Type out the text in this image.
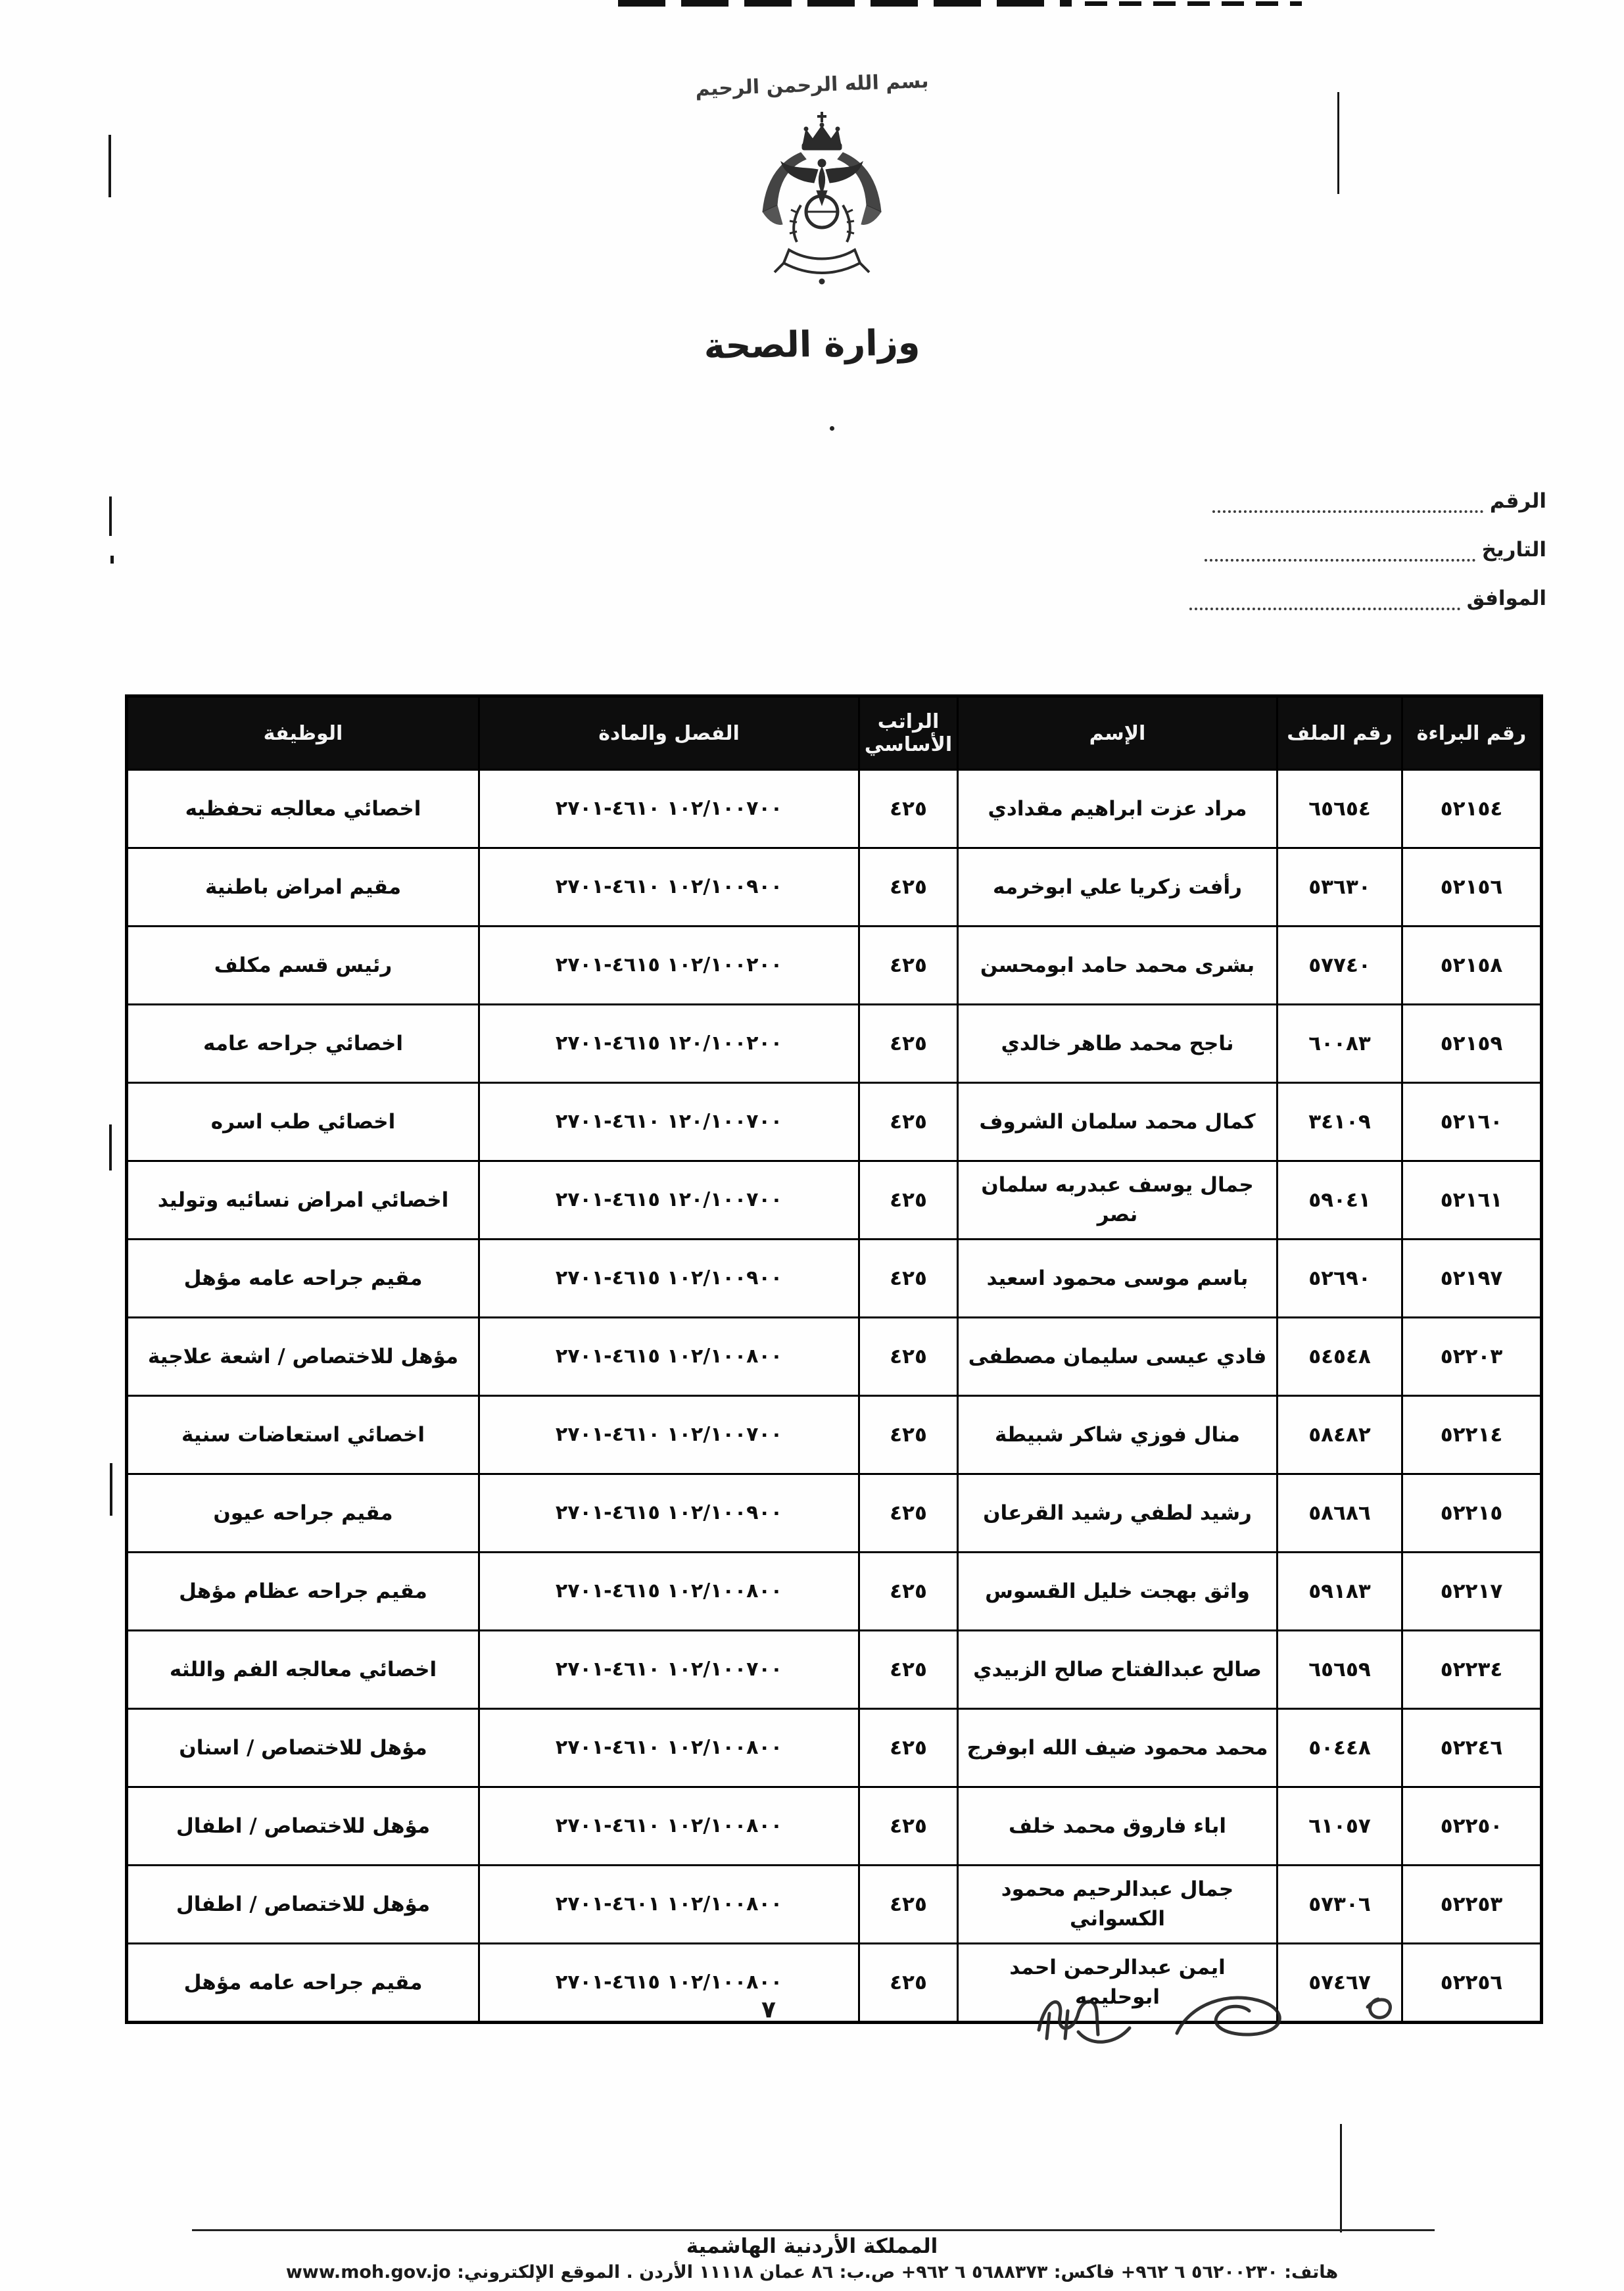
بسم الله الرحمن الرحيم
وزارة الصحة
الرقم
التاريخ
الموافق
رقم البراءة	رقم الملف	الإسم	الراتب الأساسي	الفصل والمادة	الوظيفة
٥٢١٥٤	٦٥٦٥٤	مراد عزت ابراهيم مقدادي	٤٢٥	١٠٢/١٠٠٧٠٠ ٤٦١٠-٢٧٠١	اخصائي معالجه تحفظيه
٥٢١٥٦	٥٣٦٣٠	رأفت زكريا علي ابوخرمه	٤٢٥	١٠٢/١٠٠٩٠٠ ٤٦١٠-٢٧٠١	مقيم امراض باطنية
٥٢١٥٨	٥٧٧٤٠	بشرى محمد حامد ابومحسن	٤٢٥	١٠٢/١٠٠٢٠٠ ٤٦١٥-٢٧٠١	رئيس قسم مكلف
٥٢١٥٩	٦٠٠٨٣	ناجح محمد طاهر خالدي	٤٢٥	١٢٠/١٠٠٢٠٠ ٤٦١٥-٢٧٠١	اخصائي جراحه عامه
٥٢١٦٠	٣٤١٠٩	كمال محمد سلمان الشروف	٤٢٥	١٢٠/١٠٠٧٠٠ ٤٦١٠-٢٧٠١	اخصائي طب اسره
٥٢١٦١	٥٩٠٤١	جمال يوسف عبدربه سلمان نصر	٤٢٥	١٢٠/١٠٠٧٠٠ ٤٦١٥-٢٧٠١	اخصائي امراض نسائيه وتوليد
٥٢١٩٧	٥٢٦٩٠	باسم موسى محمود اسعيد	٤٢٥	١٠٢/١٠٠٩٠٠ ٤٦١٥-٢٧٠١	مقيم جراحه عامه مؤهل
٥٢٢٠٣	٥٤٥٤٨	فادي عيسى سليمان مصطفى	٤٢٥	١٠٢/١٠٠٨٠٠ ٤٦١٥-٢٧٠١	مؤهل للاختصاص / اشعة علاجية
٥٢٢١٤	٥٨٤٨٢	منال فوزي شاكر شبيطة	٤٢٥	١٠٢/١٠٠٧٠٠ ٤٦١٠-٢٧٠١	اخصائي استعاضات سنية
٥٢٢١٥	٥٨٦٨٦	رشيد لطفي رشيد القرعان	٤٢٥	١٠٢/١٠٠٩٠٠ ٤٦١٥-٢٧٠١	مقيم جراحه عيون
٥٢٢١٧	٥٩١٨٣	واثق بهجت خليل القسوس	٤٢٥	١٠٢/١٠٠٨٠٠ ٤٦١٥-٢٧٠١	مقيم جراحه عظام مؤهل
٥٢٢٣٤	٦٥٦٥٩	صالح عبدالفتاح صالح الزبيدي	٤٢٥	١٠٢/١٠٠٧٠٠ ٤٦١٠-٢٧٠١	اخصائي معالجه الفم واللثه
٥٢٢٤٦	٥٠٤٤٨	محمد محمود ضيف الله ابوفرج	٤٢٥	١٠٢/١٠٠٨٠٠ ٤٦١٠-٢٧٠١	مؤهل للاختصاص / اسنان
٥٢٢٥٠	٦١٠٥٧	اباء فاروق محمد خلف	٤٢٥	١٠٢/١٠٠٨٠٠ ٤٦١٠-٢٧٠١	مؤهل للاختصاص / اطفال
٥٢٢٥٣	٥٧٣٠٦	جمال عبدالرحيم محمود الكسواني	٤٢٥	١٠٢/١٠٠٨٠٠ ٤٦٠١-٢٧٠١	مؤهل للاختصاص / اطفال
٥٢٢٥٦	٥٧٤٦٧	ايمن عبدالرحمن احمد ابوحليمه	٤٢٥	١٠٢/١٠٠٨٠٠ ٤٦١٥-٢٧٠١	مقيم جراحه عامه مؤهل
٧
المملكة الأردنية الهاشمية
هاتف: ٥٦٢٠٠٢٣٠ ٦ ٩٦٢+ فاكس: ٥٦٨٨٣٧٣ ٦ ٩٦٢+ ص.ب: ٨٦ عمان ١١١١٨ الأردن . الموقع الإلكتروني: www.moh.gov.jo
